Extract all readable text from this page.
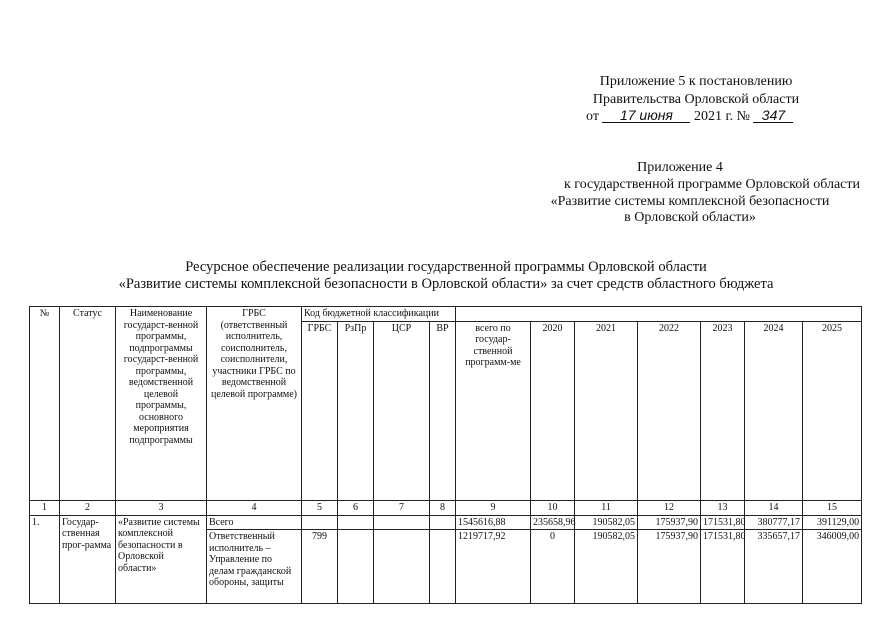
Приложение 5 к постановлению
Правительства Орловской области
от 17 июня 2021 г. № 347
Приложение 4
к государственной программе Орловской области
«Развитие системы комплексной безопасности
в Орловской области»
Ресурсное обеспечение реализации государственной программы Орловской области
«Развитие системы комплексной безопасности в Орловской области» за счет средств областного бюджета
№	Статус	Наименование государст-венной программы, подпрограммы государст-венной программы, ведомственной целевой программы, основного мероприятия подпрограммы	ГРБС (ответственный исполнитель, соисполнитель, соисполнители, участники ГРБС по ведомственной целевой программе)	Код бюджетной классификации										
				ГРБС	РзПр	ЦСР	ВР	всего по государ-ственной программ-ме	2020	2021	2022	2023	2024	2025
1	2	3	4	5	6	7	8	9	10	11	12	13	14	15
1.	Государ-ственная прог-рамма	«Развитие системы комплексной безопасности в Орловской области»	Всего					1545616,88	235658,96	190582,05	175937,90	171531,80	380777,17	391129,00
			Ответственный исполнитель – Управление по делам гражданской обороны, защиты	799				1219717,92	0	190582,05	175937,90	171531,80	335657,17	346009,00
